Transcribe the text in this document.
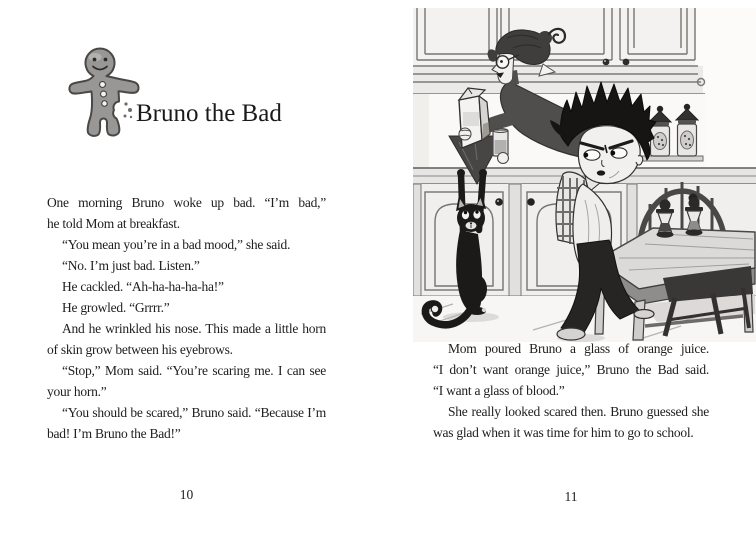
Bruno the Bad
One morning Bruno woke up bad. “I’m bad,”
he told Mom at breakfast.
“You mean you’re in a bad mood,” she said.
“No. I’m just bad. Listen.”
He cackled. “Ah-ha-ha-ha-ha!”
He growled. “Grrrr.”
And he wrinkled his nose. This made a little horn
of skin grow between his eyebrows.
“Stop,” Mom said. “You’re scaring me. I can see
your horn.”
“You should be scared,” Bruno said. “Because I’m
bad! I’m Bruno the Bad!”
10
Mom poured Bruno a glass of orange juice.
“I don’t want orange juice,” Bruno the Bad said.
“I want a glass of blood.”
She really looked scared then. Bruno guessed she
was glad when it was time for him to go to school.
11
